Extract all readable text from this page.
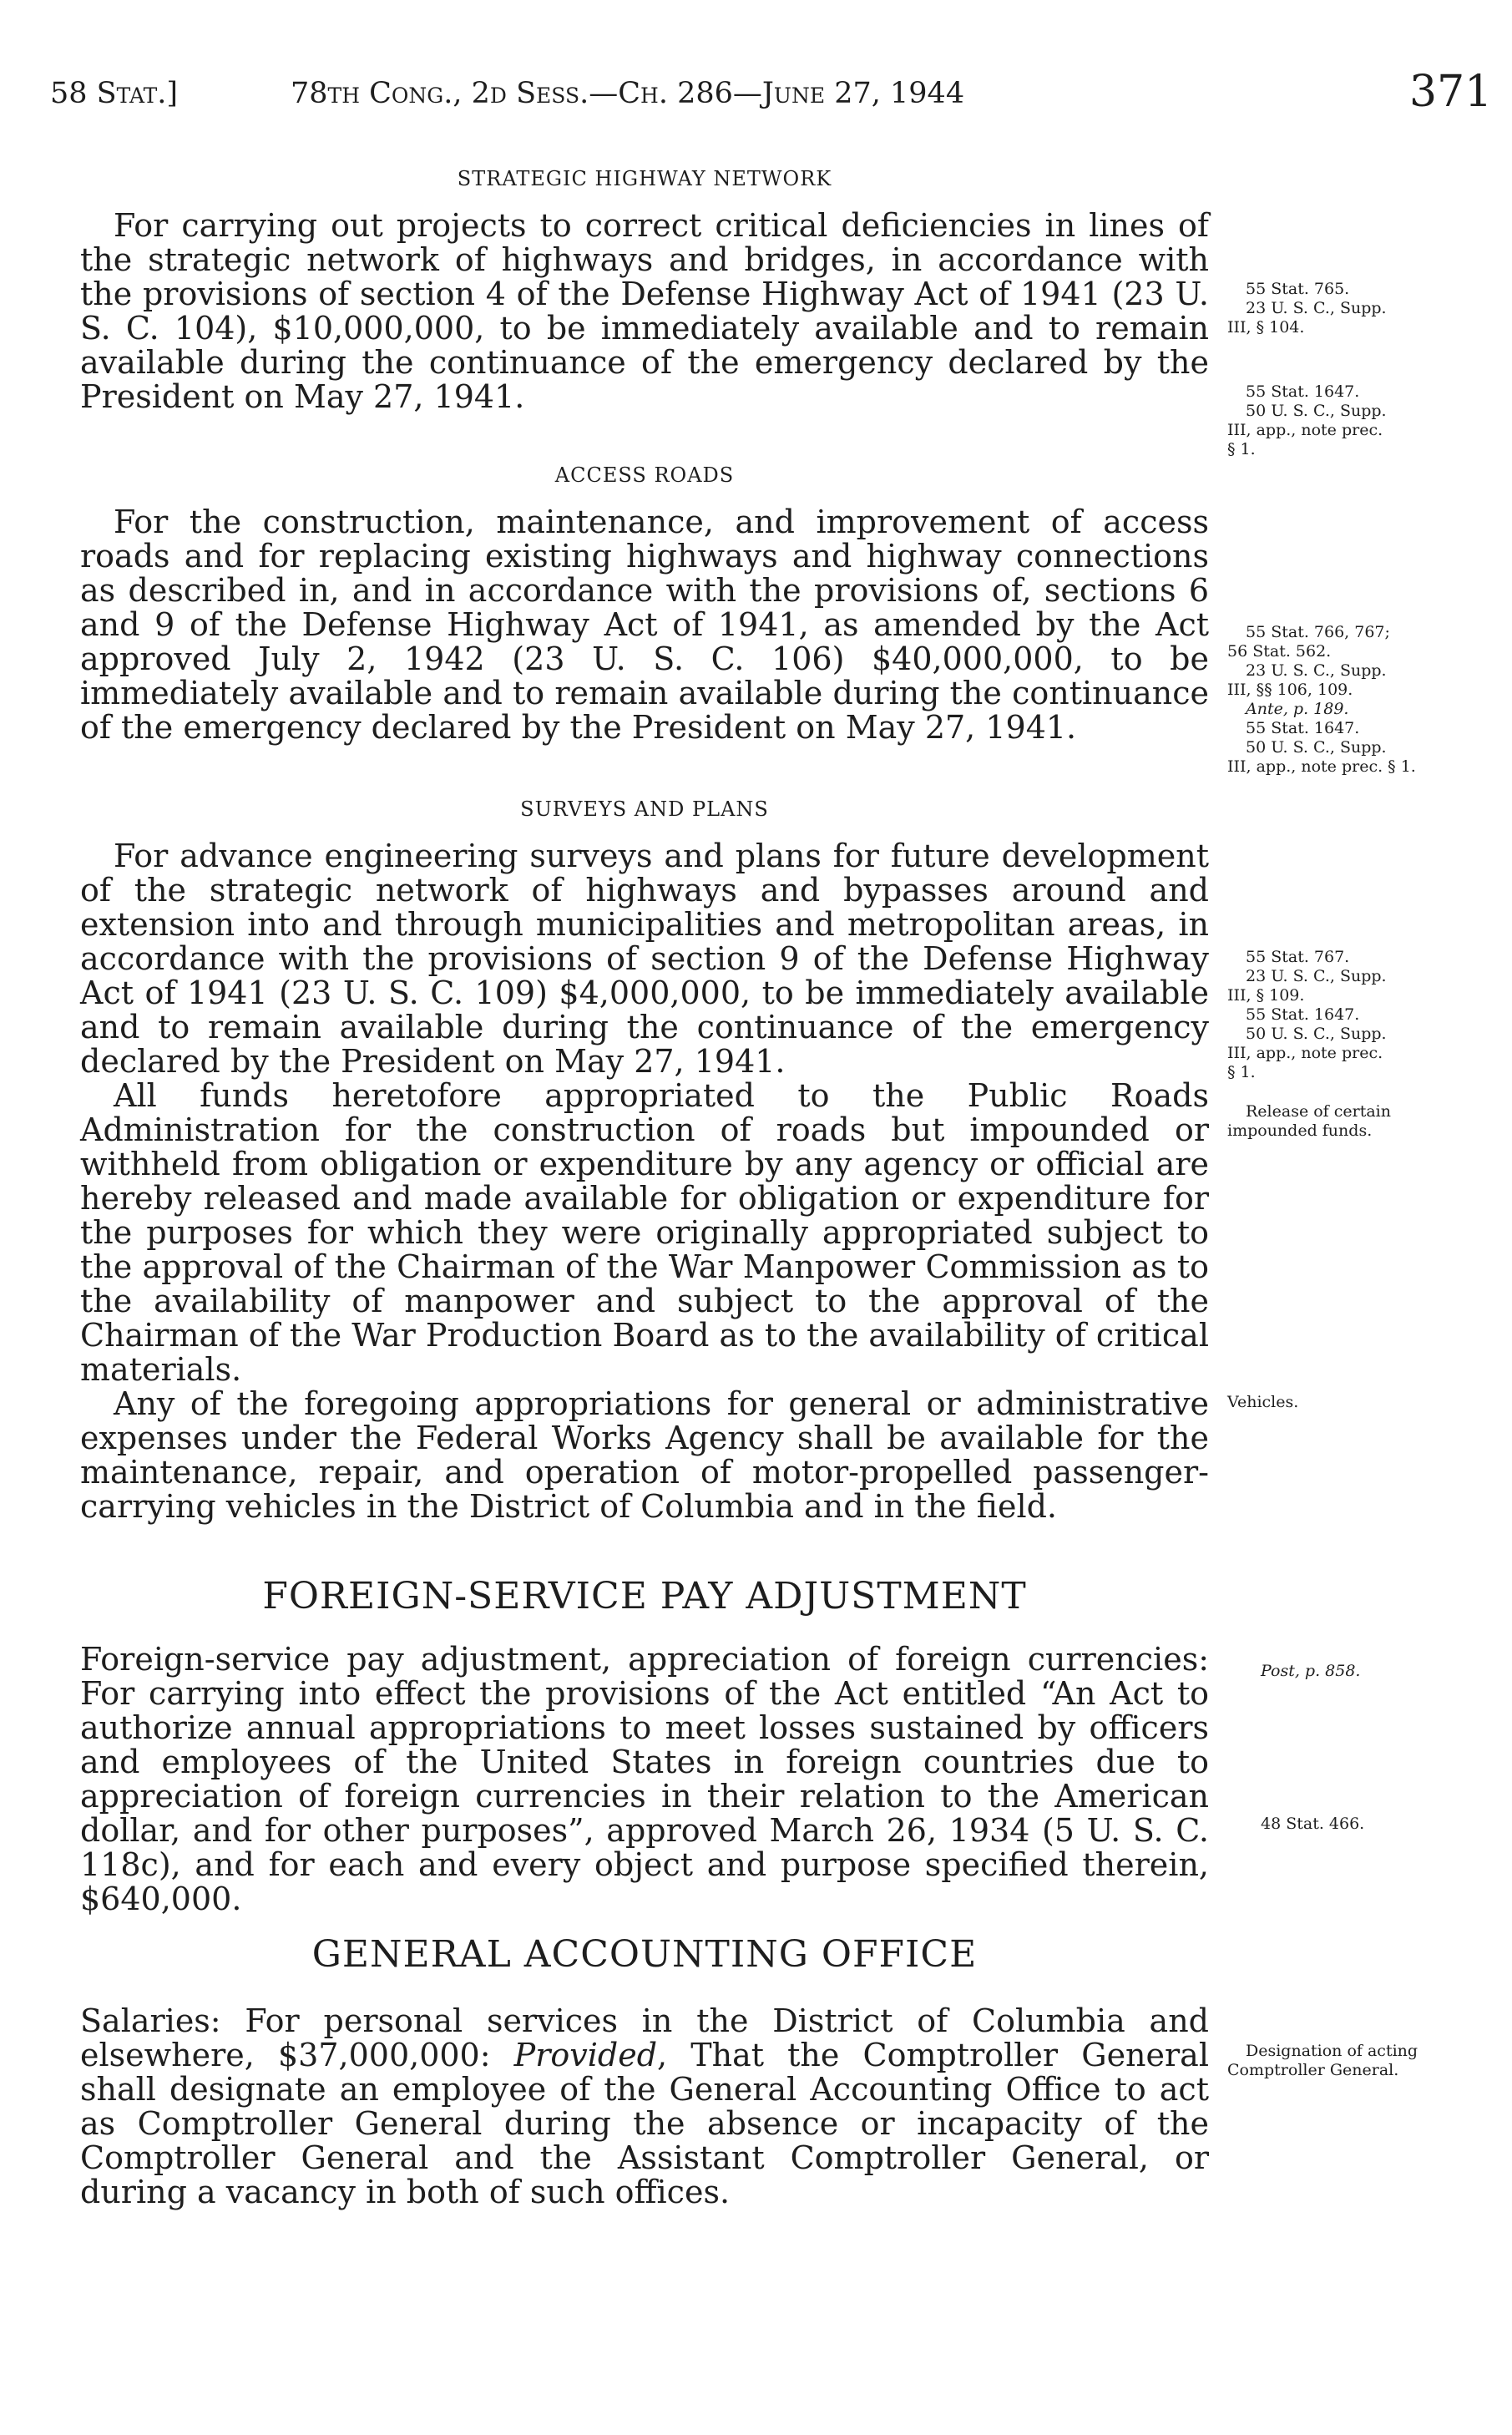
58 Stat.]	78th Cong., 2d Sess.—Ch. 286—June 27, 1944	371
STRATEGIC HIGHWAY NETWORK

For carrying out projects to correct critical deficiencies in lines of the strategic network of highways and bridges, in accordance with the provisions of section 4 of the Defense Highway Act of 1941 (23 U. S. C. 104), $10,000,000, to be immediately available and to remain available during the continuance of the emergency declared by the President on May 27, 1941.

ACCESS ROADS

For the construction, maintenance, and improvement of access roads and for replacing existing highways and highway connections as described in, and in accordance with the provisions of, sections 6 and 9 of the Defense Highway Act of 1941, as amended by the Act approved July 2, 1942 (23 U. S. C. 106) $40,000,000, to be immediately available and to remain available during the continuance of the emergency declared by the President on May 27, 1941.

SURVEYS AND PLANS

For advance engineering surveys and plans for future development of the strategic network of highways and bypasses around and extension into and through municipalities and metropolitan areas, in accordance with the provisions of section 9 of the Defense Highway Act of 1941 (23 U. S. C. 109) $4,000,000, to be immediately available and to remain available during the continuance of the emergency declared by the President on May 27, 1941.

All funds heretofore appropriated to the Public Roads Administration for the construction of roads but impounded or withheld from obligation or expenditure by any agency or official are hereby released and made available for obligation or expenditure for the purposes for which they were originally appropriated subject to the approval of the Chairman of the War Manpower Commission as to the availability of manpower and subject to the approval of the Chairman of the War Production Board as to the availability of critical materials.

Any of the foregoing appropriations for general or administrative expenses under the Federal Works Agency shall be available for the maintenance, repair, and operation of motor-propelled passenger-carrying vehicles in the District of Columbia and in the field.

FOREIGN-SERVICE PAY ADJUSTMENT

Foreign-service pay adjustment, appreciation of foreign currencies: For carrying into effect the provisions of the Act entitled “An Act to authorize annual appropriations to meet losses sustained by officers and employees of the United States in foreign countries due to appreciation of foreign currencies in their relation to the American dollar, and for other purposes”, approved March 26, 1934 (5 U. S. C. 118c), and for each and every object and purpose specified therein, $640,000.

GENERAL ACCOUNTING OFFICE

Salaries: For personal services in the District of Columbia and elsewhere, $37,000,000: Provided, That the Comptroller General shall designate an employee of the General Accounting Office to act as Comptroller General during the absence or incapacity of the Comptroller General and the Assistant Comptroller General, or during a vacancy in both of such offices.

55 Stat. 765.
23 U. S. C., Supp.
III, § 104.
55 Stat. 1647.
50 U. S. C., Supp.
III, app., note prec.
§ 1.
55 Stat. 766, 767;
56 Stat. 562.
23 U. S. C., Supp.
III, §§ 106, 109.
Ante, p. 189.
55 Stat. 1647.
50 U. S. C., Supp.
III, app., note prec. § 1.
55 Stat. 767.
23 U. S. C., Supp.
III, § 109.
55 Stat. 1647.
50 U. S. C., Supp.
III, app., note prec.
§ 1.
Release of certain impounded funds.
Vehicles.
Post, p. 858.
48 Stat. 466.
Designation of acting Comptroller General.
